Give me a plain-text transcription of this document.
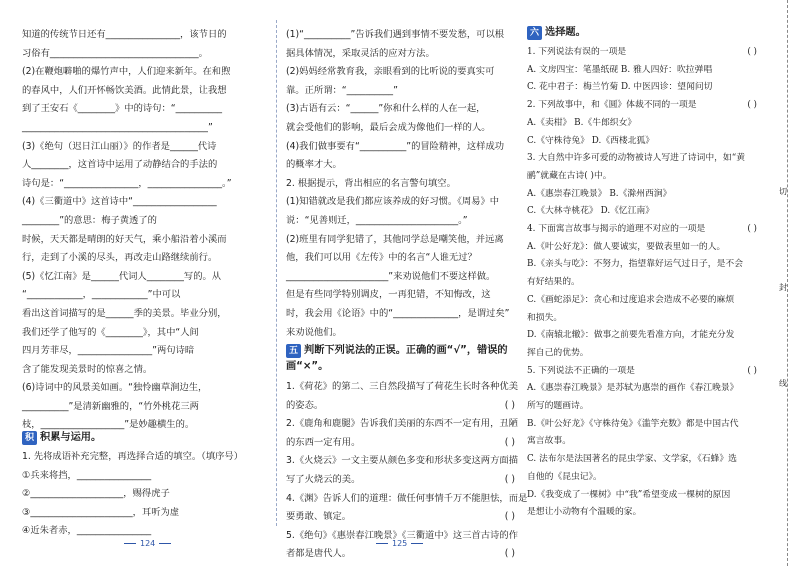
知道的传统节日还有________________，该节日的
习俗有________________________________。
(2)在鞭炮噼啪的爆竹声中，人们迎来新年。在和煦
的春风中，人们开怀畅饮美酒。此情此景，让我想
到了王安石《________》中的诗句：“__________
________________________________________”
(3)《绝句（迟日江山丽）》的作者是______代诗
人________，这首诗中运用了动静结合的手法的
诗句是：“________________，________________。”
(4)《三衢道中》这首诗中“__________________
________”的意思：梅子黄透了的
时候，天天都是晴朗的好天气，乘小船沿着小溪而
行，走到了小溪的尽头，再改走山路继续前行。
(5)《忆江南》是______代词人________写的。从
“____________，____________”中可以
看出这首词描写的是______季的美景。毕业分别，
我们还学了他写的《________》，其中“人间
四月芳菲尽，________________”两句诗暗
含了能发现美景时的惊喜之情。
(6)诗词中的风景美如画。“独怜幽草涧边生，
__________”是清新幽雅的，“竹外桃花三两
枝，__________________”是妙趣横生的。
积 积累与运用。
1. 先将成语补充完整，再选择合适的填空。（填序号）
①兵来将挡，________________
②____________________，赐得虎子
③______________________，耳听为虚
④近朱者赤，________________
(1)“__________”告诉我们遇到事情不要发愁，可以根
据具体情况，采取灵活的应对方法。
(2)妈妈经常教育我，亲眼看到的比听说的要真实可
靠。正所谓：“__________”
(3)古语有云：“______”你和什么样的人在一起，
就会受他们的影响，最后会成为像他们一样的人。
(4)我们做事要有“__________”的冒险精神，这样成功
的概率才大。
2. 根据提示，背出相应的名言警句填空。
(1)知错就改是我们都应该养成的好习惯。《周易》中
说：“见善则迁，______________________。”
(2)班里有同学犯错了，其他同学总是嘲笑他，并远离
他，我们可以用《左传》中的名言“人谁无过？
______________________”来劝说他们不要这样做。
但是有些同学特别调皮，一再犯错，不知悔改，这
时，我会用《论语》中的“______________，是谓过矣”
来劝说他们。
五 判断下列说法的正误。正确的画“√”，错误的画“×”。
1.《荷花》的第二、三自然段描写了荷花生长时各种优美
( )
的姿态。
2.《鹿角和鹿腿》告诉我们美丽的东西不一定有用，丑陋
( )
的东西一定有用。
3.《火烧云》一文主要从颜色多变和形状多变这两方面描
( )
写了火烧云的美。
4.《渊》告诉人们的道理：做任何事情千万不能胆怯，而是
( )
要勇敢、镇定。
5.《绝句》《惠崇春江晚景》《三衢道中》这三首古诗的作
( )
者都是唐代人。
六 选择题。
( )
1. 下列说法有误的一项是
A. 文房四宝：笔墨纸砚 B. 雅人四好：吹拉弹唱
C. 花中君子：梅兰竹菊 D. 中医四诊：望闻问切
( )
2. 下列故事中，和《圆》体裁不同的一项是
A.《卖柑》 B.《牛郎织女》
C.《守株待兔》 D.《西楼北狐》
3. 大自然中许多可爱的动物被诗人写进了诗词中，如“黄
鹂”就藏在古诗( )中。
A.《惠崇春江晚景》 B.《滁州西涧》
C.《大林寺桃花》 D.《忆江南》
( )
4. 下面寓言故事与揭示的道理不对应的一项是
A.《叶公好龙》：做人要诚实，要做表里如一的人。
B.《亲头与吃》：不努力，指望靠好运气过日子，是不会
有好结果的。
C.《画蛇添足》：贪心和过度追求会造成不必要的麻烦
和损失。
D.《南辕北辙》：做事之前要先看准方向，才能充分发
挥自己的优势。
( )
5. 下列说法不正确的一项是
A.《惠崇春江晚景》是苏轼为惠崇的画作《春江晚景》
所写的题画诗。
B.《叶公好龙》《守株待兔》《滥竽充数》都是中国古代
寓言故事。
C. 法布尔是法国著名的昆虫学家、文学家，《石蜂》选
自他的《昆虫记》。
D.《我变成了一棵树》中“我”希望变成一棵树的原因
是想让小动物有个温暖的家。
124	125
切
封
线
